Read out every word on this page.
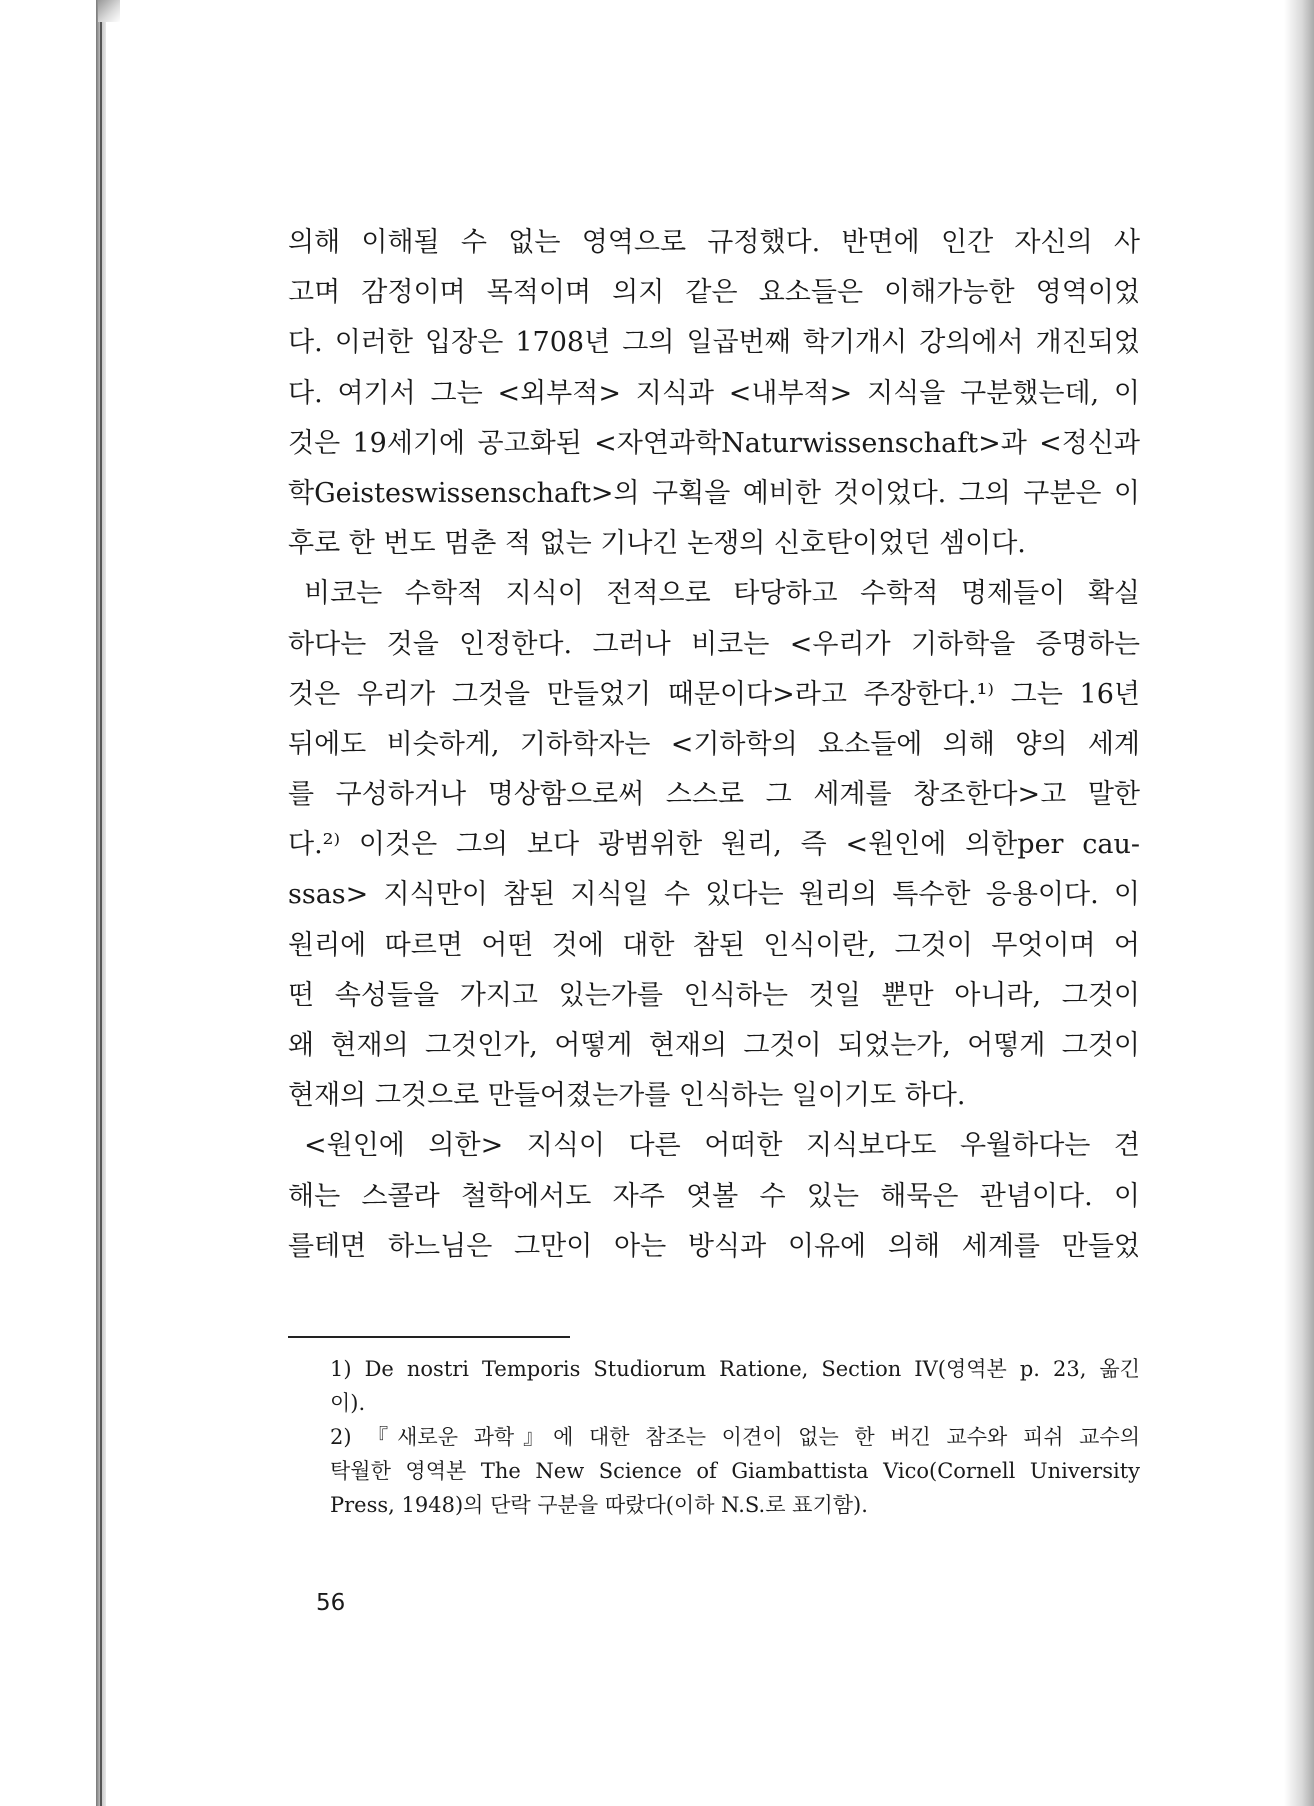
의해 이해될 수 없는 영역으로 규정했다. 반면에 인간 자신의 사
고며 감정이며 목적이며 의지 같은 요소들은 이해가능한 영역이었
다. 이러한 입장은 1708년 그의 일곱번째 학기개시 강의에서 개진되었
다. 여기서 그는 <외부적> 지식과 <내부적> 지식을 구분했는데, 이
것은 19세기에 공고화된 <자연과학Naturwissenschaft>과 <정신과
학Geisteswissenschaft>의 구획을 예비한 것이었다. 그의 구분은 이
후로 한 번도 멈춘 적 없는 기나긴 논쟁의 신호탄이었던 셈이다.
비코는 수학적 지식이 전적으로 타당하고 수학적 명제들이 확실
하다는 것을 인정한다. 그러나 비코는 <우리가 기하학을 증명하는
것은 우리가 그것을 만들었기 때문이다>라고 주장한다.¹⁾ 그는 16년
뒤에도 비슷하게, 기하학자는 <기하학의 요소들에 의해 양의 세계
를 구성하거나 명상함으로써 스스로 그 세계를 창조한다>고 말한
다.²⁾ 이것은 그의 보다 광범위한 원리, 즉 <원인에 의한per cau-
ssas> 지식만이 참된 지식일 수 있다는 원리의 특수한 응용이다. 이
원리에 따르면 어떤 것에 대한 참된 인식이란, 그것이 무엇이며 어
떤 속성들을 가지고 있는가를 인식하는 것일 뿐만 아니라, 그것이
왜 현재의 그것인가, 어떻게 현재의 그것이 되었는가, 어떻게 그것이
현재의 그것으로 만들어졌는가를 인식하는 일이기도 하다.
<원인에 의한> 지식이 다른 어떠한 지식보다도 우월하다는 견
해는 스콜라 철학에서도 자주 엿볼 수 있는 해묵은 관념이다. 이
를테면 하느님은 그만이 아는 방식과 이유에 의해 세계를 만들었
1) De nostri Temporis Studiorum Ratione, Section IV(영역본 p. 23, 옮긴
이).
2) 『새로운 과학』에 대한 참조는 이견이 없는 한 버긴 교수와 피쉬 교수의
탁월한 영역본 The New Science of Giambattista Vico(Cornell University
Press, 1948)의 단락 구분을 따랐다(이하 N.S.로 표기함).
56
